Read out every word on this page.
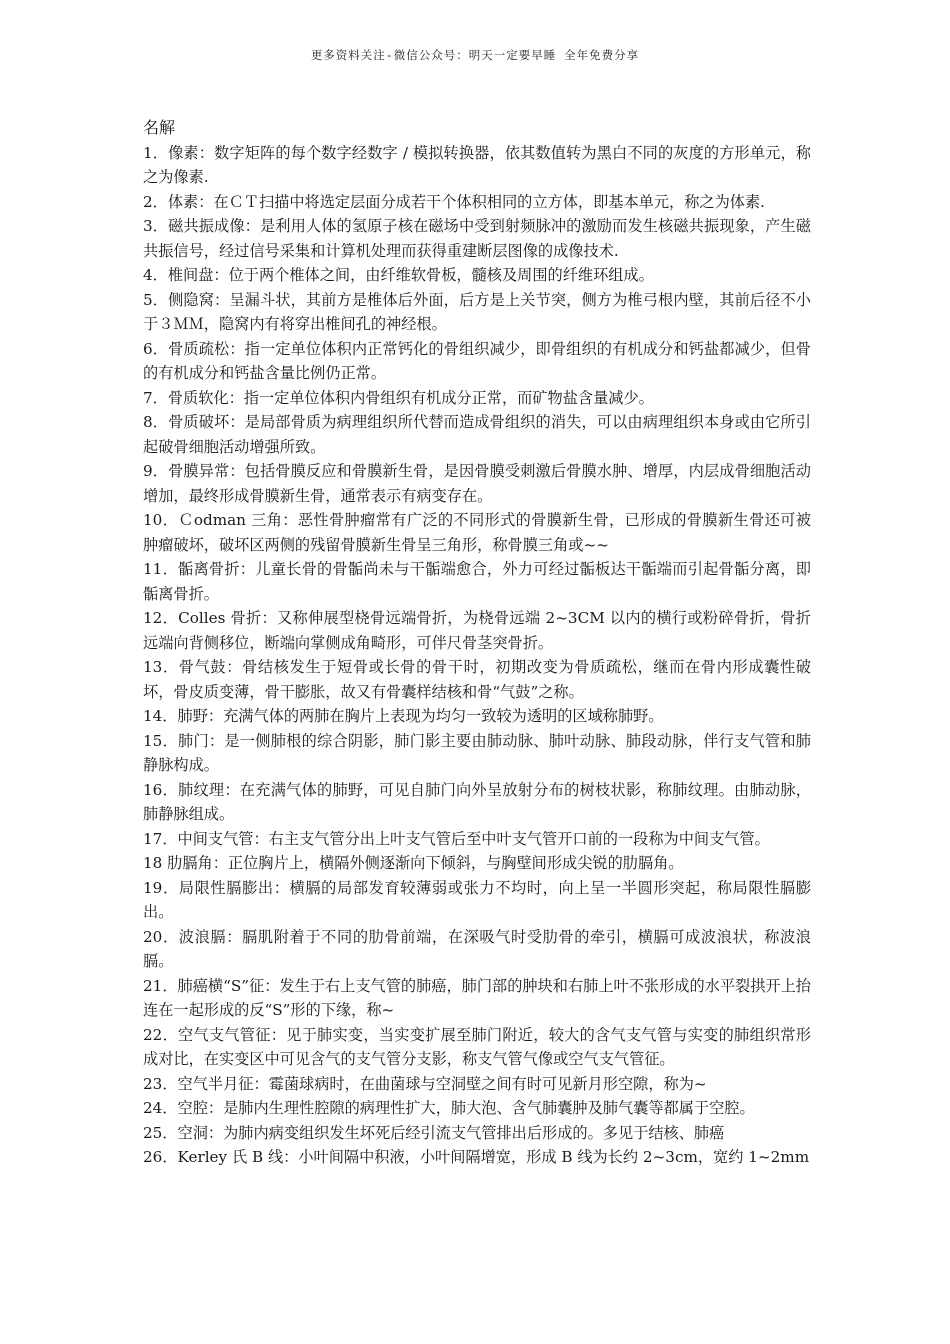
更多资料关注-微信公众号：明天一定要早睡 全年免费分享

名解

1．像素：数字矩阵的每个数字经数字 / 模拟转换器，依其数值转为黑白不同的灰度的方形单元，称之为像素.

2．体素：在ＣＴ扫描中将选定层面分成若干个体积相同的立方体，即基本单元，称之为体素.

3．磁共振成像：是利用人体的氢原子核在磁场中受到射频脉冲的激励而发生核磁共振现象，产生磁共振信号，经过信号采集和计算机处理而获得重建断层图像的成像技术.

4．椎间盘：位于两个椎体之间，由纤维软骨板，髓核及周围的纤维环组成。

5．侧隐窝：呈漏斗状，其前方是椎体后外面，后方是上关节突，侧方为椎弓根内壁，其前后径不小于３ＭＭ，隐窝内有将穿出椎间孔的神经根。

6．骨质疏松：指一定单位体积内正常钙化的骨组织减少，即骨组织的有机成分和钙盐都减少，但骨的有机成分和钙盐含量比例仍正常。

7．骨质软化：指一定单位体积内骨组织有机成分正常，而矿物盐含量减少。

8．骨质破坏：是局部骨质为病理组织所代替而造成骨组织的消失，可以由病理组织本身或由它所引起破骨细胞活动增强所致。

9．骨膜异常：包括骨膜反应和骨膜新生骨，是因骨膜受刺激后骨膜水肿、增厚，内层成骨细胞活动增加，最终形成骨膜新生骨，通常表示有病变存在。

10．Ｃodman 三角：恶性骨肿瘤常有广泛的不同形式的骨膜新生骨，已形成的骨膜新生骨还可被肿瘤破坏，破坏区两侧的残留骨膜新生骨呈三角形，称骨膜三角或~~

11．骺离骨折：儿童长骨的骨骺尚未与干骺端愈合，外力可经过骺板达干骺端而引起骨骺分离，即骺离骨折。

12．Colles 骨折：又称伸展型桡骨远端骨折，为桡骨远端 2~3CM 以内的横行或粉碎骨折，骨折远端向背侧移位，断端向掌侧成角畸形，可伴尺骨茎突骨折。

13．骨气鼓：骨结核发生于短骨或长骨的骨干时，初期改变为骨质疏松，继而在骨内形成囊性破坏，骨皮质变薄，骨干膨胀，故又有骨囊样结核和骨“气鼓”之称。

14．肺野：充满气体的两肺在胸片上表现为均匀一致较为透明的区域称肺野。

15．肺门：是一侧肺根的综合阴影，肺门影主要由肺动脉、肺叶动脉、肺段动脉，伴行支气管和肺静脉构成。

16．肺纹理：在充满气体的肺野，可见自肺门向外呈放射分布的树枝状影，称肺纹理。由肺动脉，肺静脉组成。

17．中间支气管：右主支气管分出上叶支气管后至中叶支气管开口前的一段称为中间支气管。

18 肋膈角：正位胸片上，横隔外侧逐渐向下倾斜，与胸壁间形成尖锐的肋膈角。

19．局限性膈膨出：横膈的局部发育较薄弱或张力不均时，向上呈一半圆形突起，称局限性膈膨出。

20．波浪膈：膈肌附着于不同的肋骨前端，在深吸气时受肋骨的牵引，横膈可成波浪状，称波浪膈。

21．肺癌横“S”征：发生于右上支气管的肺癌，肺门部的肿块和右肺上叶不张形成的水平裂拱开上抬连在一起形成的反“S”形的下缘，称~

22．空气支气管征：见于肺实变，当实变扩展至肺门附近，较大的含气支气管与实变的肺组织常形成对比，在实变区中可见含气的支气管分支影，称支气管气像或空气支气管征。

23．空气半月征：霉菌球病时，在曲菌球与空洞壁之间有时可见新月形空隙，称为~

24．空腔：是肺内生理性腔隙的病理性扩大，肺大泡、含气肺囊肿及肺气囊等都属于空腔。

25．空洞：为肺内病变组织发生坏死后经引流支气管排出后形成的。多见于结核、肺癌

26．Kerley 氏 B 线：小叶间隔中积液，小叶间隔增宽，形成 B 线为长约 2~3cm，宽约 1~2mm
